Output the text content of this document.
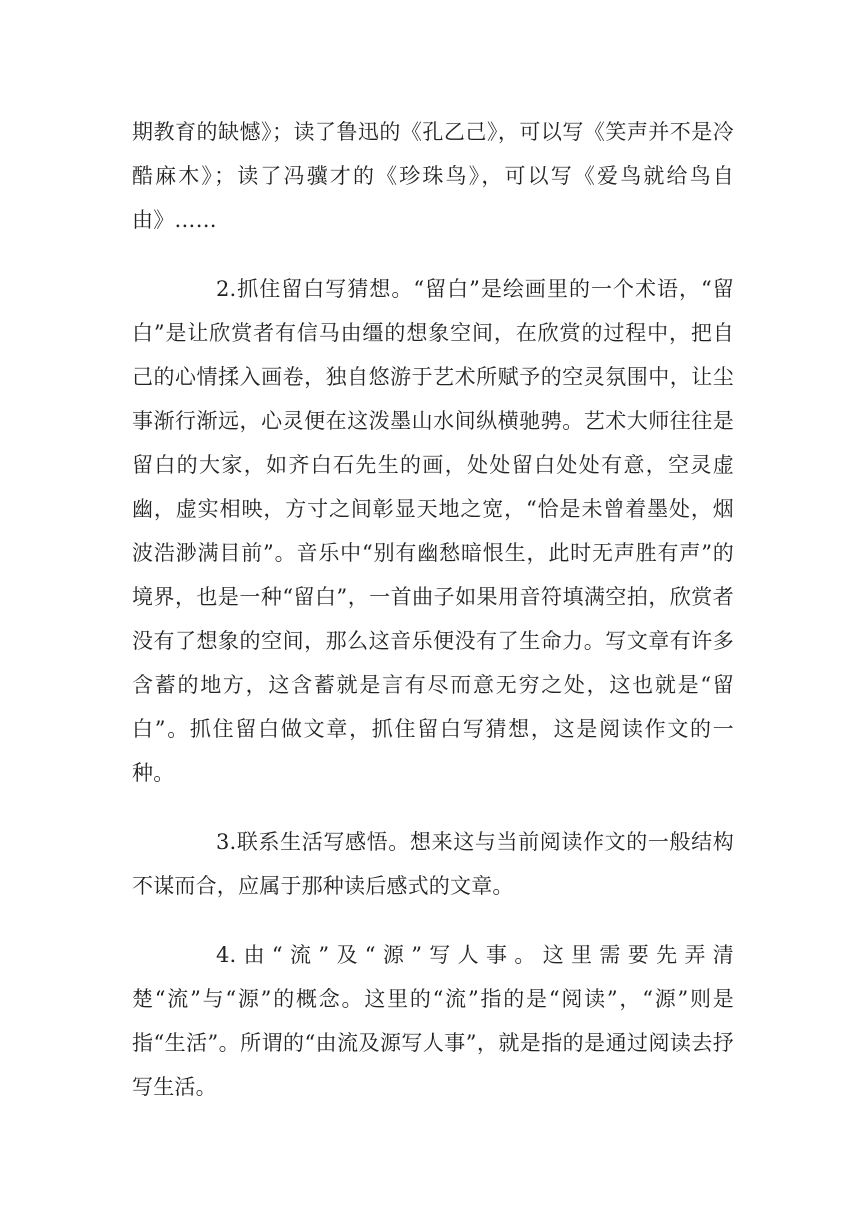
期教育的缺憾》；读了鲁迅的《孔乙己》，可以写《笑声并不是冷酷麻木》；读了冯骥才的《珍珠鸟》，可以写《爱鸟就给鸟自由》……

2.抓住留白写猜想。“留白”是绘画里的一个术语，“留白”是让欣赏者有信马由缰的想象空间，在欣赏的过程中，把自己的心情揉入画卷，独自悠游于艺术所赋予的空灵氛围中，让尘事渐行渐远，心灵便在这泼墨山水间纵横驰骋。艺术大师往往是留白的大家，如齐白石先生的画，处处留白处处有意，空灵虚幽，虚实相映，方寸之间彰显天地之宽，“恰是未曾着墨处，烟波浩渺满目前”。音乐中“别有幽愁暗恨生，此时无声胜有声”的境界，也是一种“留白”，一首曲子如果用音符填满空拍，欣赏者没有了想象的空间，那么这音乐便没有了生命力。写文章有许多含蓄的地方，这含蓄就是言有尽而意无穷之处，这也就是“留白”。抓住留白做文章，抓住留白写猜想，这是阅读作文的一种。

3.联系生活写感悟。想来这与当前阅读作文的一般结构不谋而合，应属于那种读后感式的文章。

4.由“流”及“源”写人事。这里需要先弄清楚“流”与“源”的概念。这里的“流”指的是“阅读”，“源”则是指“生活”。所谓的“由流及源写人事”，就是指的是通过阅读去抒写生活。
